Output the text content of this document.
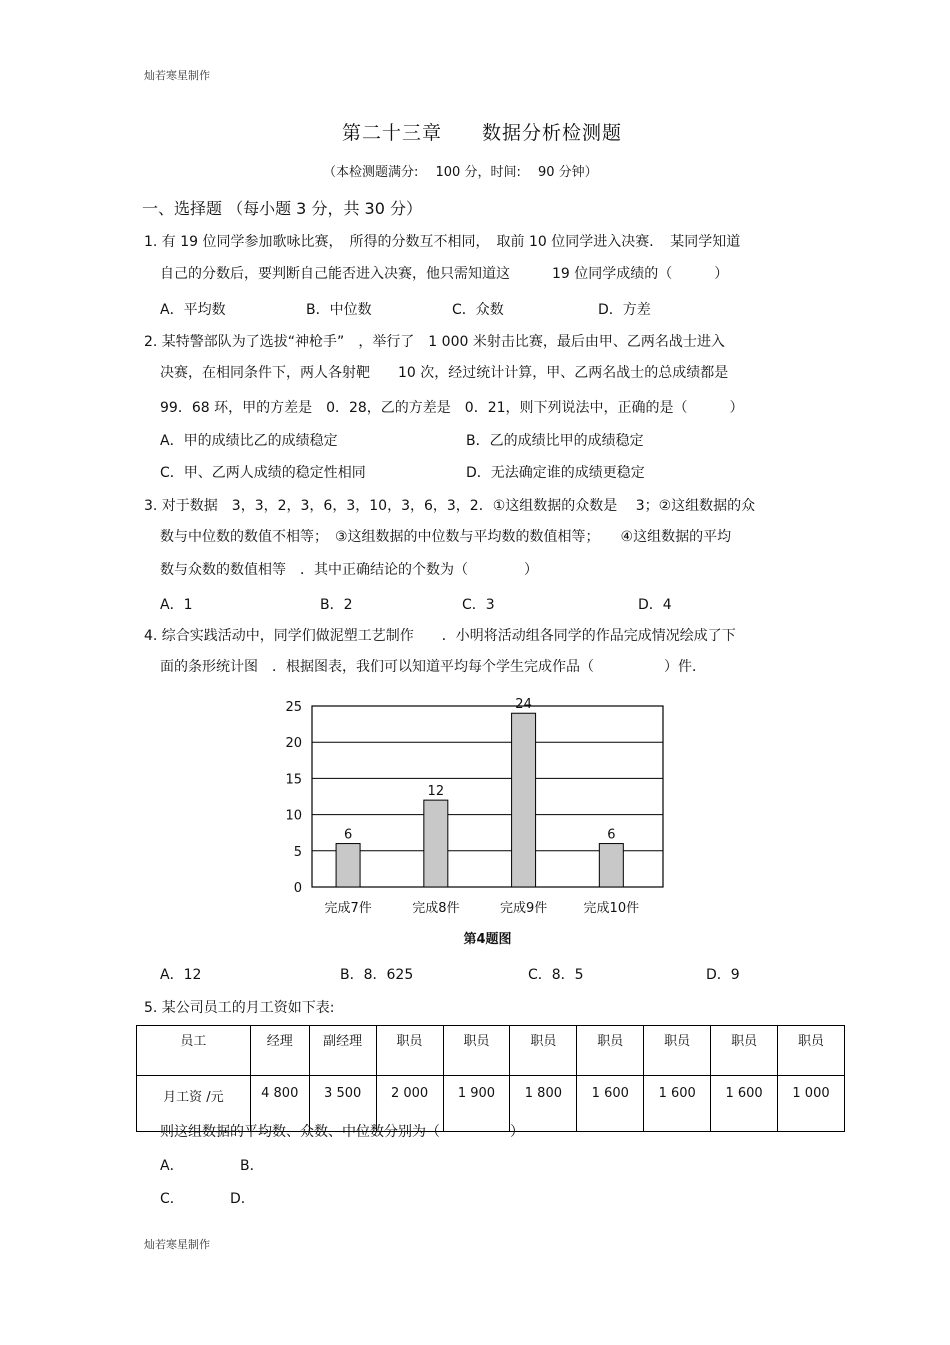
灿若寒星制作
第二十三章　　数据分析检测题
（本检测题满分:　 100 分，时间:　 90 分钟）
一、选择题 （每小题 3 分，共 30 分）
1. 有 19 位同学参加歌咏比赛，　所得的分数互不相同，　取前 10 位同学进入决赛．　某同学知道
自己的分数后，要判断自己能否进入决赛，他只需知道这　　　19 位同学成绩的（　　　）
A．平均数	B．中位数	C．众数	D．方差
2. 某特警部队为了选拔“神枪手”　，举行了　1 000 米射击比赛，最后由甲、乙两名战士进入
决赛，在相同条件下，两人各射靶　　10 次，经过统计计算，甲、乙两名战士的总成绩都是
99．68 环，甲的方差是　0．28，乙的方差是　0．21，则下列说法中，正确的是（　　　）
A．甲的成绩比乙的成绩稳定	B．乙的成绩比甲的成绩稳定
C．甲、乙两人成绩的稳定性相同	D．无法确定谁的成绩更稳定
3. 对于数据　3，3，2，3，6，3，10，3，6，3，2．①这组数据的众数是　 3；②这组数据的众
数与中位数的数值不相等；　③这组数据的中位数与平均数的数值相等；　　④这组数据的平均
数与众数的数值相等　．其中正确结论的个数为（　　　　）
A．1	B．2	C．3	D．4
4. 综合实践活动中，同学们做泥塑工艺制作　　．小明将活动组各同学的作品完成情况绘成了下
面的条形统计图　．根据图表，我们可以知道平均每个学生完成作品（　　　　　）件．
0
5
10
15
20
25
6
完成7件
12
完成8件
24
完成9件
6
完成10件
第4题图
A．12	B．8．625	C．8．5	D．9
5. 某公司员工的月工资如下表:
员工	经理	副经理	职员	职员	职员	职员	职员	职员	职员
月工资 /元	4 800	3 500	2 000	1 900	1 800	1 600	1 600	1 600	1 000
则这组数据的平均数、众数、中位数分别为（　　　　　）
A．	B．
C．	D．
灿若寒星制作
